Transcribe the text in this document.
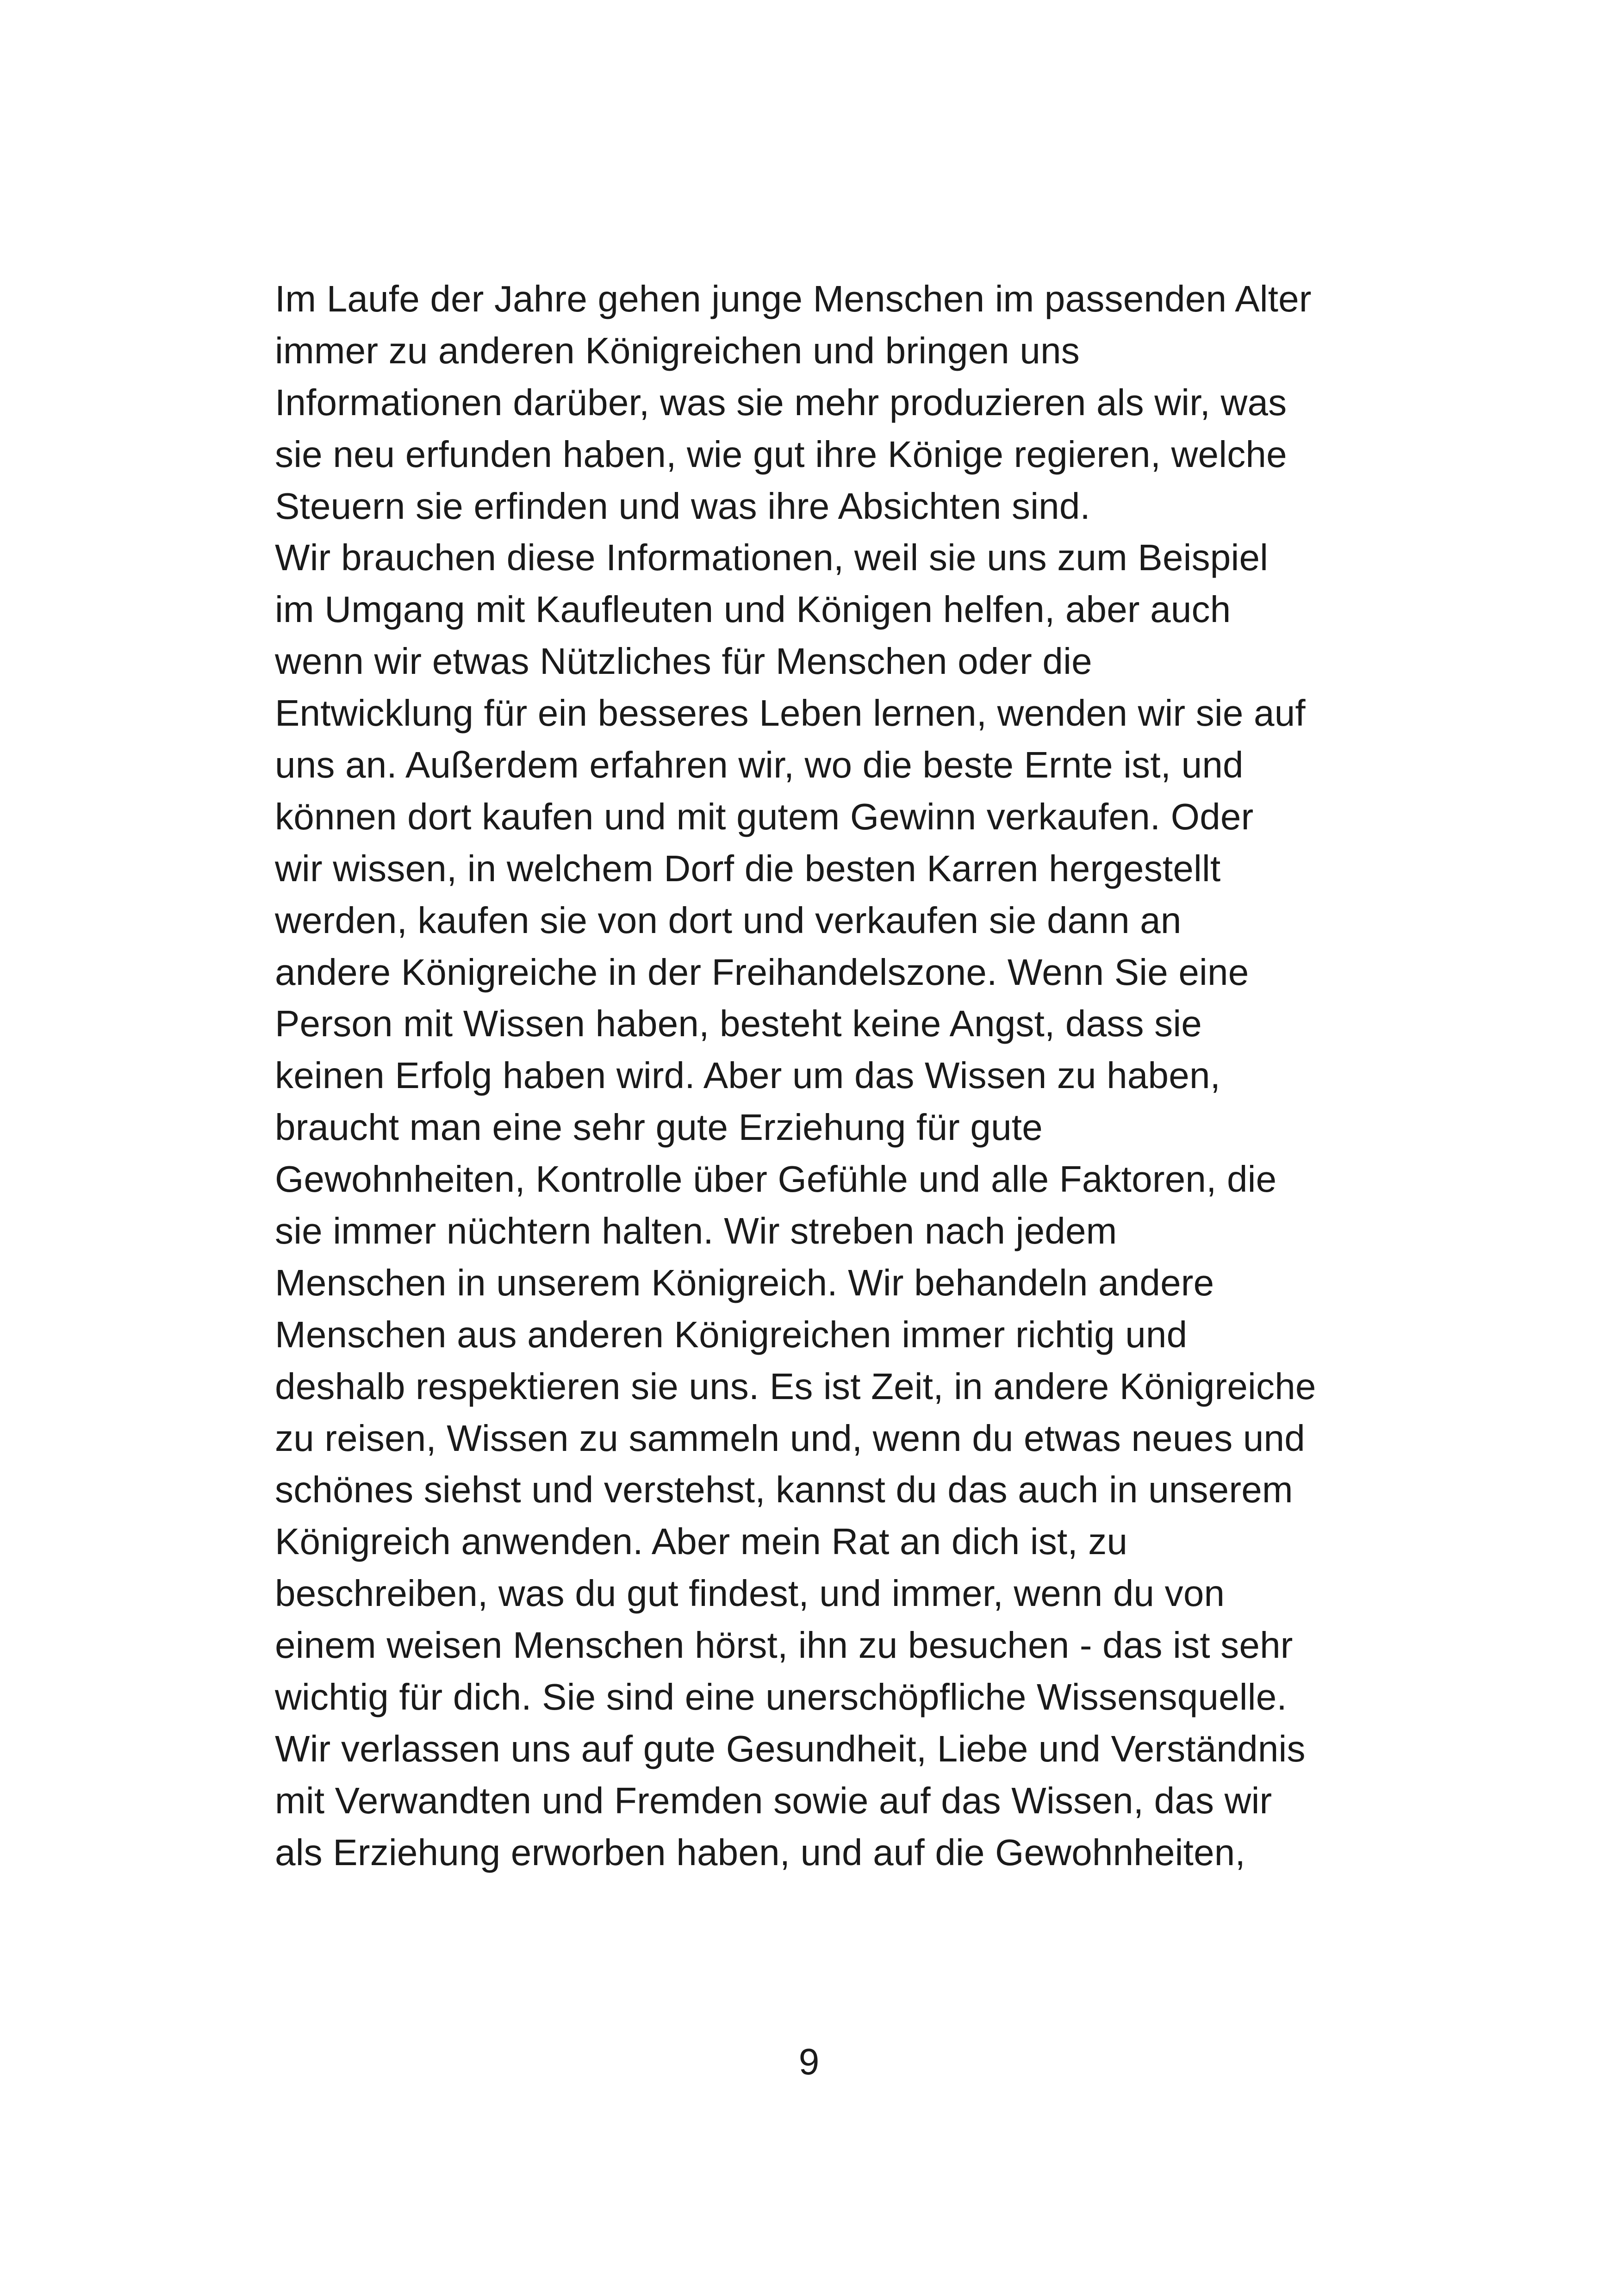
Im Laufe der Jahre gehen junge Menschen im passenden Alter
immer zu anderen Königreichen und bringen uns
Informationen darüber, was sie mehr produzieren als wir, was
sie neu erfunden haben, wie gut ihre Könige regieren, welche
Steuern sie erfinden und was ihre Absichten sind.
Wir brauchen diese Informationen, weil sie uns zum Beispiel
im Umgang mit Kaufleuten und Königen helfen, aber auch
wenn wir etwas Nützliches für Menschen oder die
Entwicklung für ein besseres Leben lernen, wenden wir sie auf
uns an. Außerdem erfahren wir, wo die beste Ernte ist, und
können dort kaufen und mit gutem Gewinn verkaufen. Oder
wir wissen, in welchem Dorf die besten Karren hergestellt
werden, kaufen sie von dort und verkaufen sie dann an
andere Königreiche in der Freihandelszone. Wenn Sie eine
Person mit Wissen haben, besteht keine Angst, dass sie
keinen Erfolg haben wird. Aber um das Wissen zu haben,
braucht man eine sehr gute Erziehung für gute
Gewohnheiten, Kontrolle über Gefühle und alle Faktoren, die
sie immer nüchtern halten. Wir streben nach jedem
Menschen in unserem Königreich. Wir behandeln andere
Menschen aus anderen Königreichen immer richtig und
deshalb respektieren sie uns. Es ist Zeit, in andere Königreiche
zu reisen, Wissen zu sammeln und, wenn du etwas neues und
schönes siehst und verstehst, kannst du das auch in unserem
Königreich anwenden. Aber mein Rat an dich ist, zu
beschreiben, was du gut findest, und immer, wenn du von
einem weisen Menschen hörst, ihn zu besuchen - das ist sehr
wichtig für dich. Sie sind eine unerschöpfliche Wissensquelle.
Wir verlassen uns auf gute Gesundheit, Liebe und Verständnis
mit Verwandten und Fremden sowie auf das Wissen, das wir
als Erziehung erworben haben, und auf die Gewohnheiten,
9
